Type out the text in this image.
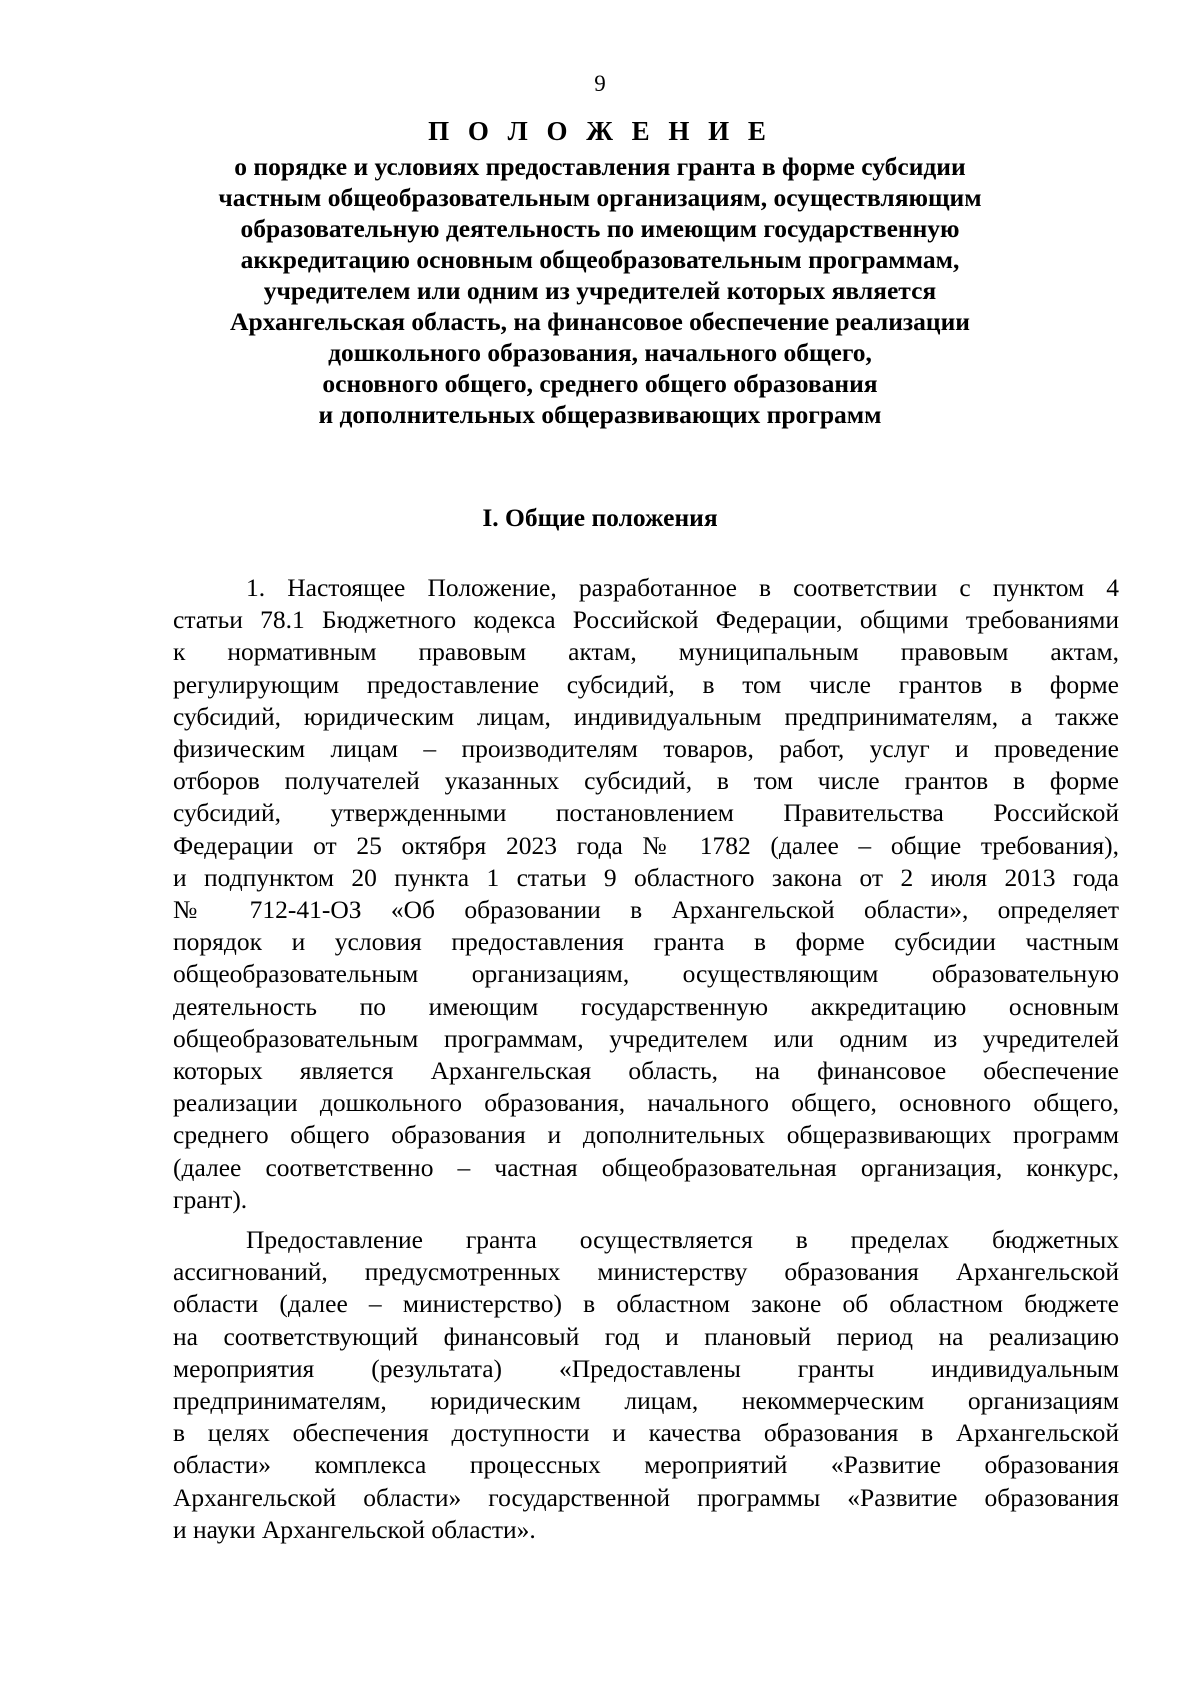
9
П О Л О Ж Е Н И Е
о порядке и условиях предоставления гранта в форме субсидии
частным общеобразовательным организациям, осуществляющим
образовательную деятельность по имеющим государственную
аккредитацию основным общеобразовательным программам,
учредителем или одним из учредителей которых является
Архангельская область, на финансовое обеспечение реализации
дошкольного образования, начального общего,
основного общего, среднего общего образования
и дополнительных общеразвивающих программ
I. Общие положения
1. Настоящее Положение, разработанное в соответствии с пунктом 4
статьи 78.1 Бюджетного кодекса Российской Федерации, общими требованиями
к нормативным правовым актам, муниципальным правовым актам,
регулирующим предоставление субсидий, в том числе грантов в форме
субсидий, юридическим лицам, индивидуальным предпринимателям, а также
физическим лицам – производителям товаров, работ, услуг и проведение
отборов получателей указанных субсидий, в том числе грантов в форме
субсидий, утвержденными постановлением Правительства Российской
Федерации от 25 октября 2023 года № 1782 (далее – общие требования),
и подпунктом 20 пункта 1 статьи 9 областного закона от 2 июля 2013 года
№ 712-41-ОЗ «Об образовании в Архангельской области», определяет
порядок и условия предоставления гранта в форме субсидии частным
общеобразовательным организациям, осуществляющим образовательную
деятельность по имеющим государственную аккредитацию основным
общеобразовательным программам, учредителем или одним из учредителей
которых является Архангельская область, на финансовое обеспечение
реализации дошкольного образования, начального общего, основного общего,
среднего общего образования и дополнительных общеразвивающих программ
(далее соответственно – частная общеобразовательная организация, конкурс,
грант).
Предоставление гранта осуществляется в пределах бюджетных
ассигнований, предусмотренных министерству образования Архангельской
области (далее – министерство) в областном законе об областном бюджете
на соответствующий финансовый год и плановый период на реализацию
мероприятия (результата) «Предоставлены гранты индивидуальным
предпринимателям, юридическим лицам, некоммерческим организациям
в целях обеспечения доступности и качества образования в Архангельской
области» комплекса процессных мероприятий «Развитие образования
Архангельской области» государственной программы «Развитие образования
и науки Архангельской области».
